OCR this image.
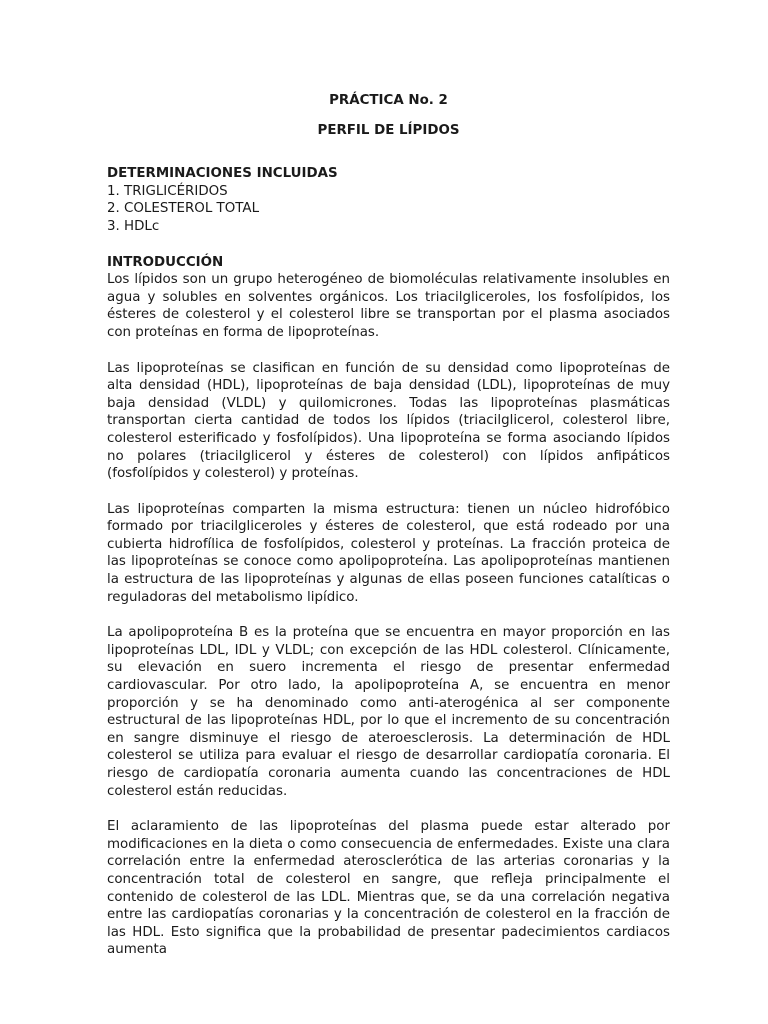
PRÁCTICA No. 2

PERFIL DE LÍPIDOS

DETERMINACIONES INCLUIDAS

1. TRIGLICÉRIDOS
2. COLESTEROL TOTAL
3. HDLc

INTRODUCCIÓN

Los lípidos son un grupo heterogéneo de biomoléculas relativamente insolubles en agua y solubles en solventes orgánicos. Los triacilgliceroles, los fosfolípidos, los ésteres de colesterol y el colesterol libre se transportan por el plasma asociados con proteínas en forma de lipoproteínas.

Las lipoproteínas se clasifican en función de su densidad como lipoproteínas de alta densidad (HDL), lipoproteínas de baja densidad (LDL), lipoproteínas de muy baja densidad (VLDL) y quilomicrones. Todas las lipoproteínas plasmáticas transportan cierta cantidad de todos los lípidos (triacilglicerol, colesterol libre, colesterol esterificado y fosfolípidos). Una lipoproteína se forma asociando lípidos no polares (triacilglicerol y ésteres de colesterol) con lípidos anfipáticos (fosfolípidos y colesterol) y proteínas.

Las lipoproteínas comparten la misma estructura: tienen un núcleo hidrofóbico formado por triacilgliceroles y ésteres de colesterol, que está rodeado por una cubierta hidrofílica de fosfolípidos, colesterol y proteínas. La fracción proteica de las lipoproteínas se conoce como apolipoproteína. Las apolipoproteínas mantienen la estructura de las lipoproteínas y algunas de ellas poseen funciones catalíticas o reguladoras del metabolismo lipídico.

La apolipoproteína B es la proteína que se encuentra en mayor proporción en las lipoproteínas LDL, IDL y VLDL; con excepción de las HDL colesterol. Clínicamente, su elevación en suero incrementa el riesgo de presentar enfermedad cardiovascular. Por otro lado, la apolipoproteína A, se encuentra en menor proporción y se ha denominado como anti-aterogénica al ser componente estructural de las lipoproteínas HDL, por lo que el incremento de su concentración en sangre disminuye el riesgo de ateroesclerosis. La determinación de HDL colesterol se utiliza para evaluar el riesgo de desarrollar cardiopatía coronaria. El riesgo de cardiopatía coronaria aumenta cuando las concentraciones de HDL colesterol están reducidas.

El aclaramiento de las lipoproteínas del plasma puede estar alterado por modificaciones en la dieta o como consecuencia de enfermedades. Existe una clara correlación entre la enfermedad aterosclerótica de las arterias coronarias y la concentración total de colesterol en sangre, que refleja principalmente el contenido de colesterol de las LDL. Mientras que, se da una correlación negativa entre las cardiopatías coronarias y la concentración de colesterol en la fracción de las HDL. Esto significa que la probabilidad de presentar padecimientos cardiacos aumenta
